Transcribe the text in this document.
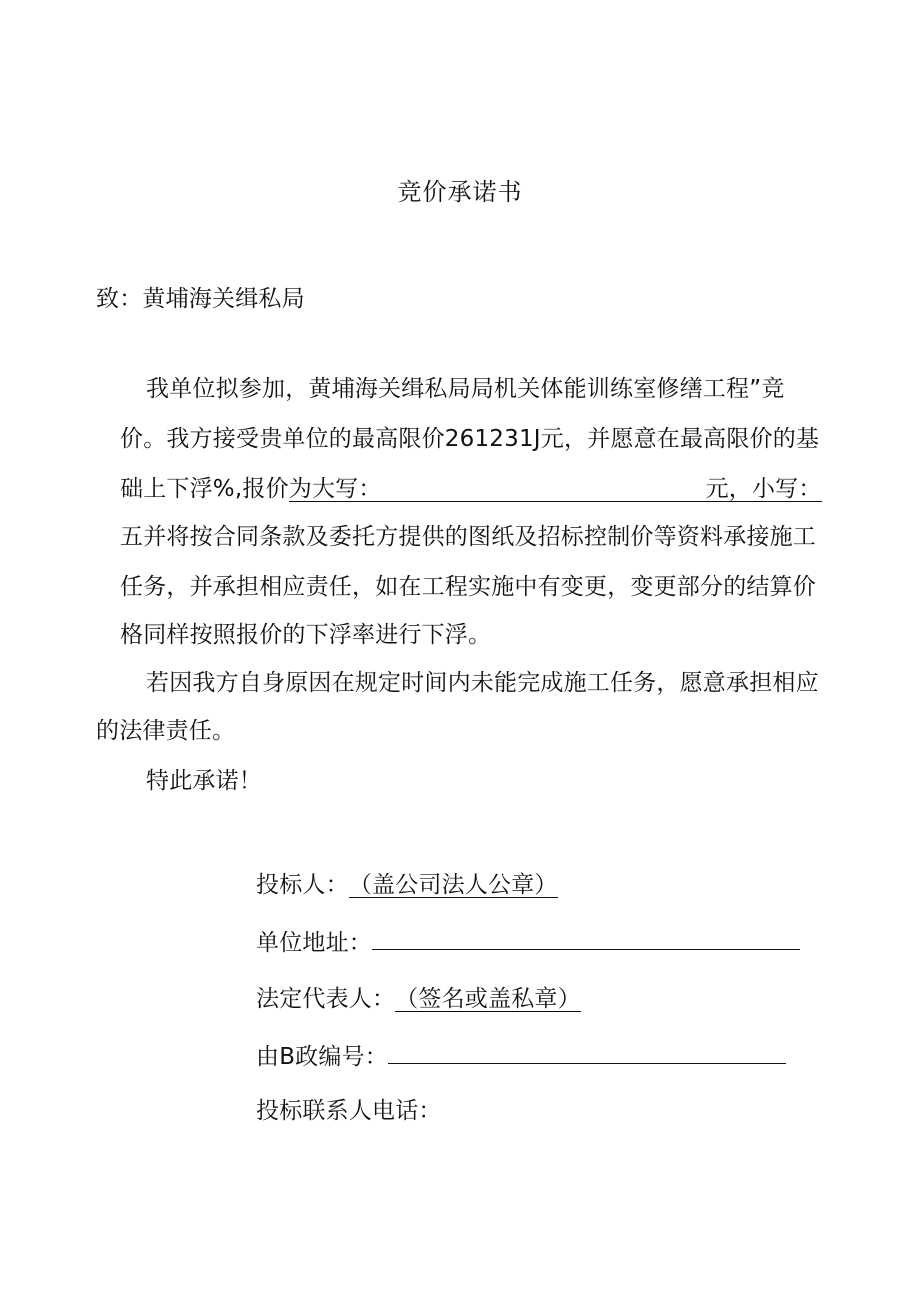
竞价承诺书
致：黄埔海关缉私局
我单位拟参加，黄埔海关缉私局局机关体能训练室修缮工程”竞
价。我方接受贵单位的最高限价261231J元，并愿意在最高限价的基
础上下浮%,报价为大写：	元，小写：
五并将按合同条款及委托方提供的图纸及招标控制价等资料承接施工
任务，并承担相应责任，如在工程实施中有变更，变更部分的结算价
格同样按照报价的下浮率进行下浮。
若因我方自身原因在规定时间内未能完成施工任务，愿意承担相应
的法律责任。
特此承诺！
投标人：（盖公司法人公章）
单位地址：
法定代表人：（签名或盖私章）
由B政编号：
投标联系人电话：
